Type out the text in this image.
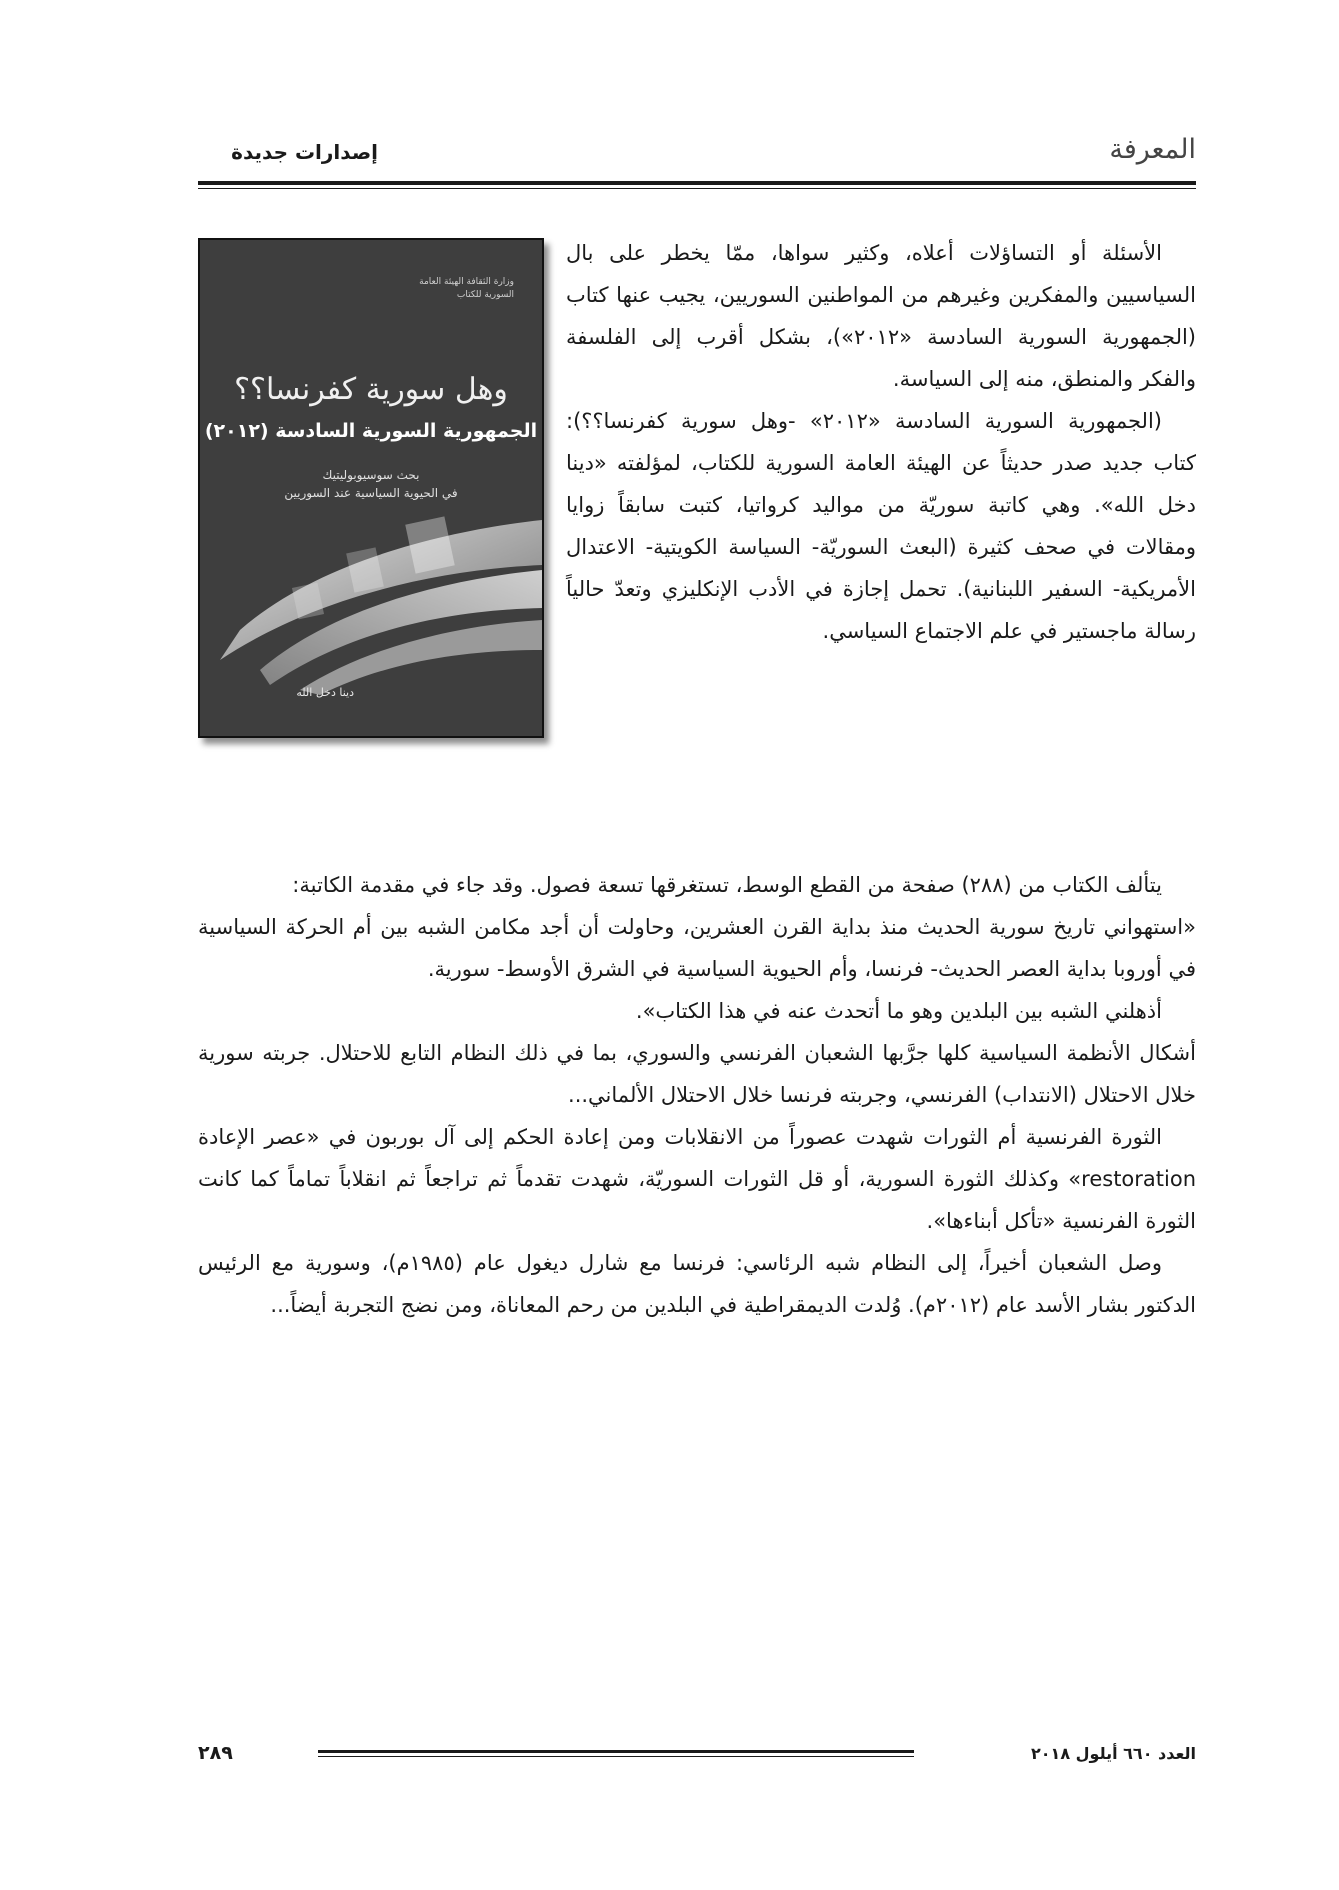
المعرفة
إصدارات جديدة
وزارة الثقافة الهيئة العامة السورية للكتاب
وهل سورية كفرنسا؟؟
الجمهورية السورية السادسة (٢٠١٢)
بحث سوسيوبوليتيك
في الحيوية السياسية عند السوريين
دينا دخل الله

الأسئلة أو التساؤلات أعلاه، وكثير سواها، ممّا يخطر على بال السياسيين والمفكرين وغيرهم من المواطنين السوريين، يجيب عنها كتاب (الجمهورية السورية السادسة «٢٠١٢»)، بشكل أقرب إلى الفلسفة والفكر والمنطق، منه إلى السياسة.

(الجمهورية السورية السادسة «٢٠١٢» -وهل سورية كفرنسا؟؟): كتاب جديد صدر حديثاً عن الهيئة العامة السورية للكتاب، لمؤلفته «دينا دخل الله». وهي كاتبة سوريّة من مواليد كرواتيا، كتبت سابقاً زوايا ومقالات في صحف كثيرة (البعث السوريّة- السياسة الكويتية- الاعتدال الأمريكية- السفير اللبنانية). تحمل إجازة في الأدب الإنكليزي وتعدّ حالياً رسالة ماجستير في علم الاجتماع السياسي.

يتألف الكتاب من (٢٨٨) صفحة من القطع الوسط، تستغرقها تسعة فصول. وقد جاء في مقدمة الكاتبة:

«استهواني تاريخ سورية الحديث منذ بداية القرن العشرين، وحاولت أن أجد مكامن الشبه بين أم الحركة السياسية في أوروبا بداية العصر الحديث- فرنسا، وأم الحيوية السياسية في الشرق الأوسط- سورية.

أذهلني الشبه بين البلدين وهو ما أتحدث عنه في هذا الكتاب».

أشكال الأنظمة السياسية كلها جرَّبها الشعبان الفرنسي والسوري، بما في ذلك النظام التابع للاحتلال. جربته سورية خلال الاحتلال (الانتداب) الفرنسي، وجربته فرنسا خلال الاحتلال الألماني...

الثورة الفرنسية أم الثورات شهدت عصوراً من الانقلابات ومن إعادة الحكم إلى آل بوربون في «عصر الإعادة restoration» وكذلك الثورة السورية، أو قل الثورات السوريّة، شهدت تقدماً ثم تراجعاً ثم انقلاباً تماماً كما كانت الثورة الفرنسية «تأكل أبناءها».

وصل الشعبان أخيراً، إلى النظام شبه الرئاسي: فرنسا مع شارل ديغول عام (١٩٨٥م)، وسورية مع الرئيس الدكتور بشار الأسد عام (٢٠١٢م). وُلدت الديمقراطية في البلدين من رحم المعاناة، ومن نضج التجربة أيضاً...

٢٨٩	العدد ٦٦٠ أيلول ٢٠١٨
